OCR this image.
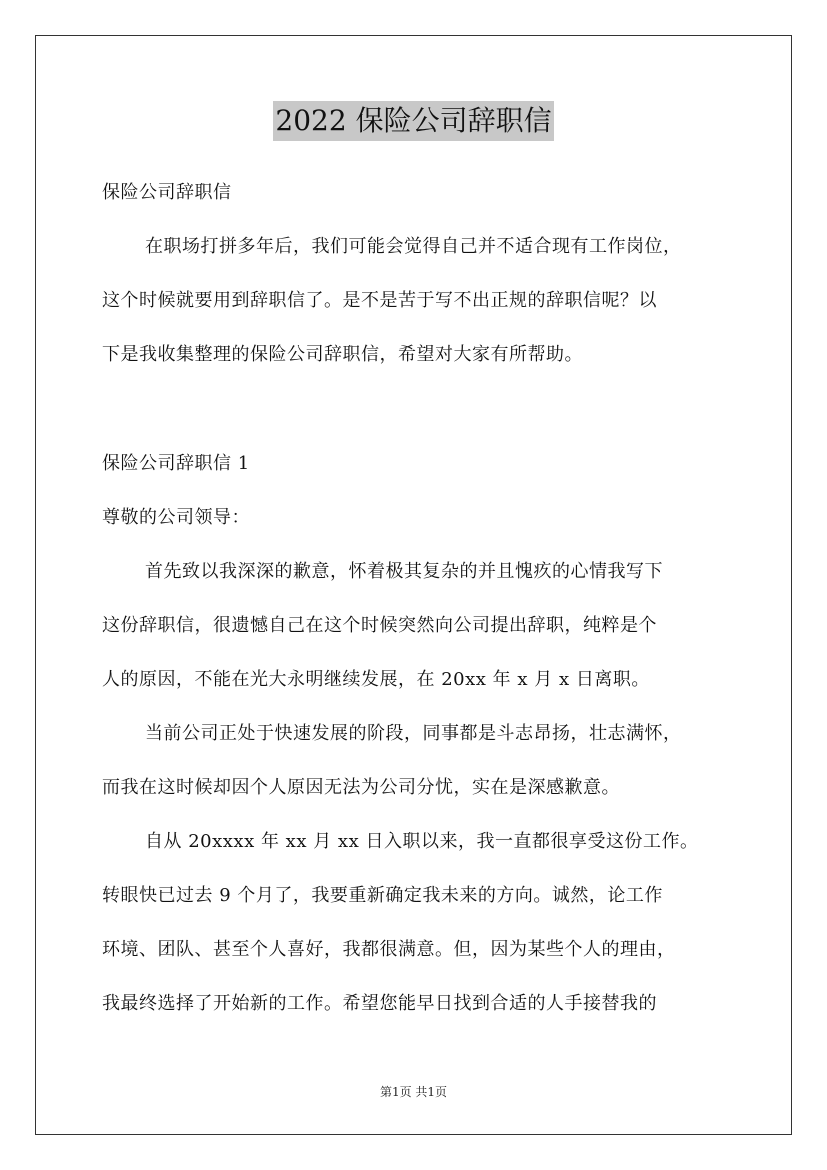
2022 保险公司辞职信
保险公司辞职信
在职场打拼多年后，我们可能会觉得自己并不适合现有工作岗位，
这个时候就要用到辞职信了。是不是苦于写不出正规的辞职信呢？以
下是我收集整理的保险公司辞职信，希望对大家有所帮助。
保险公司辞职信 1
尊敬的公司领导：
首先致以我深深的歉意，怀着极其复杂的并且愧疚的心情我写下
这份辞职信，很遗憾自己在这个时候突然向公司提出辞职，纯粹是个
人的原因，不能在光大永明继续发展，在 20xx 年 x 月 x 日离职。
当前公司正处于快速发展的阶段，同事都是斗志昂扬，壮志满怀，
而我在这时候却因个人原因无法为公司分忧，实在是深感歉意。
自从 20xxxx 年 xx 月 xx 日入职以来，我一直都很享受这份工作。
转眼快已过去 9 个月了，我要重新确定我未来的方向。诚然，论工作
环境、团队、甚至个人喜好，我都很满意。但，因为某些个人的理由，
我最终选择了开始新的工作。希望您能早日找到合适的人手接替我的
第1页 共1页
